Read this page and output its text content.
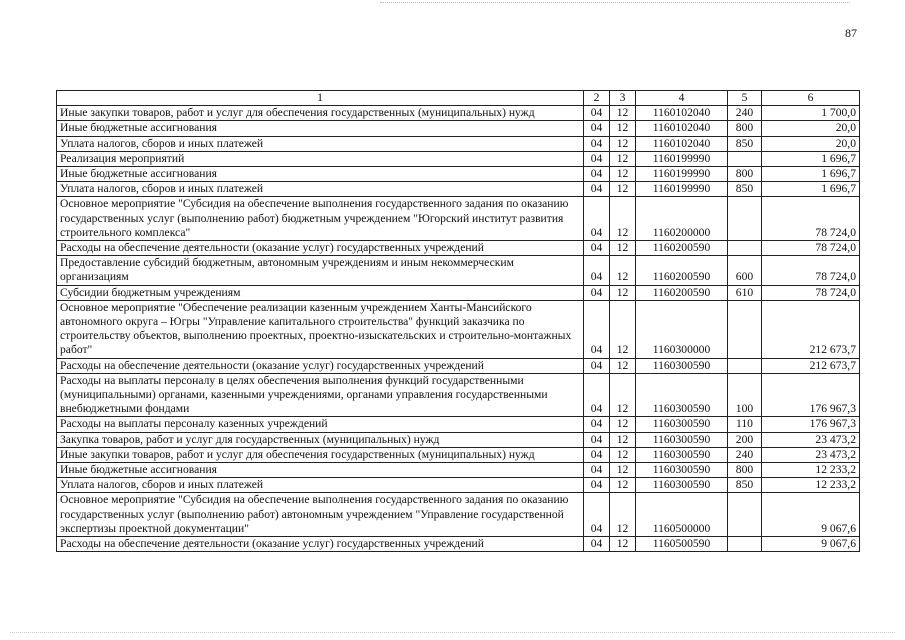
87
1	2	3	4	5	6
Иные закупки товаров, работ и услуг для обеспечения государственных (муниципальных) нужд	04	12	1160102040	240	1 700,0
Иные бюджетные ассигнования	04	12	1160102040	800	20,0
Уплата налогов, сборов и иных платежей	04	12	1160102040	850	20,0
Реализация мероприятий	04	12	1160199990		1 696,7
Иные бюджетные ассигнования	04	12	1160199990	800	1 696,7
Уплата налогов, сборов и иных платежей	04	12	1160199990	850	1 696,7
Основное мероприятие "Субсидия на обеспечение выполнения государственного задания по оказанию государственных услуг (выполнению работ) бюджетным учреждением "Югорский институт развития строительного комплекса"	04	12	1160200000		78 724,0
Расходы на обеспечение деятельности (оказание услуг) государственных учреждений	04	12	1160200590		78 724,0
Предоставление субсидий бюджетным, автономным учреждениям и иным некоммерческим организациям	04	12	1160200590	600	78 724,0
Субсидии бюджетным учреждениям	04	12	1160200590	610	78 724,0
Основное мероприятие "Обеспечение реализации казенным учреждением Ханты-Мансийского автономного округа – Югры "Управление капитального строительства" функций заказчика по строительству объектов, выполнению проектных, проектно-изыскательских и строительно-монтажных работ"	04	12	1160300000		212 673,7
Расходы на обеспечение деятельности (оказание услуг) государственных учреждений	04	12	1160300590		212 673,7
Расходы на выплаты персоналу в целях обеспечения выполнения функций государственными (муниципальными) органами, казенными учреждениями, органами управления государственными внебюджетными фондами	04	12	1160300590	100	176 967,3
Расходы на выплаты персоналу казенных учреждений	04	12	1160300590	110	176 967,3
Закупка товаров, работ и услуг для государственных (муниципальных) нужд	04	12	1160300590	200	23 473,2
Иные закупки товаров, работ и услуг для обеспечения государственных (муниципальных) нужд	04	12	1160300590	240	23 473,2
Иные бюджетные ассигнования	04	12	1160300590	800	12 233,2
Уплата налогов, сборов и иных платежей	04	12	1160300590	850	12 233,2
Основное мероприятие "Субсидия на обеспечение выполнения государственного задания по оказанию государственных услуг (выполнению работ) автономным учреждением "Управление государственной экспертизы проектной документации"	04	12	1160500000		9 067,6
Расходы на обеспечение деятельности (оказание услуг) государственных учреждений	04	12	1160500590		9 067,6
